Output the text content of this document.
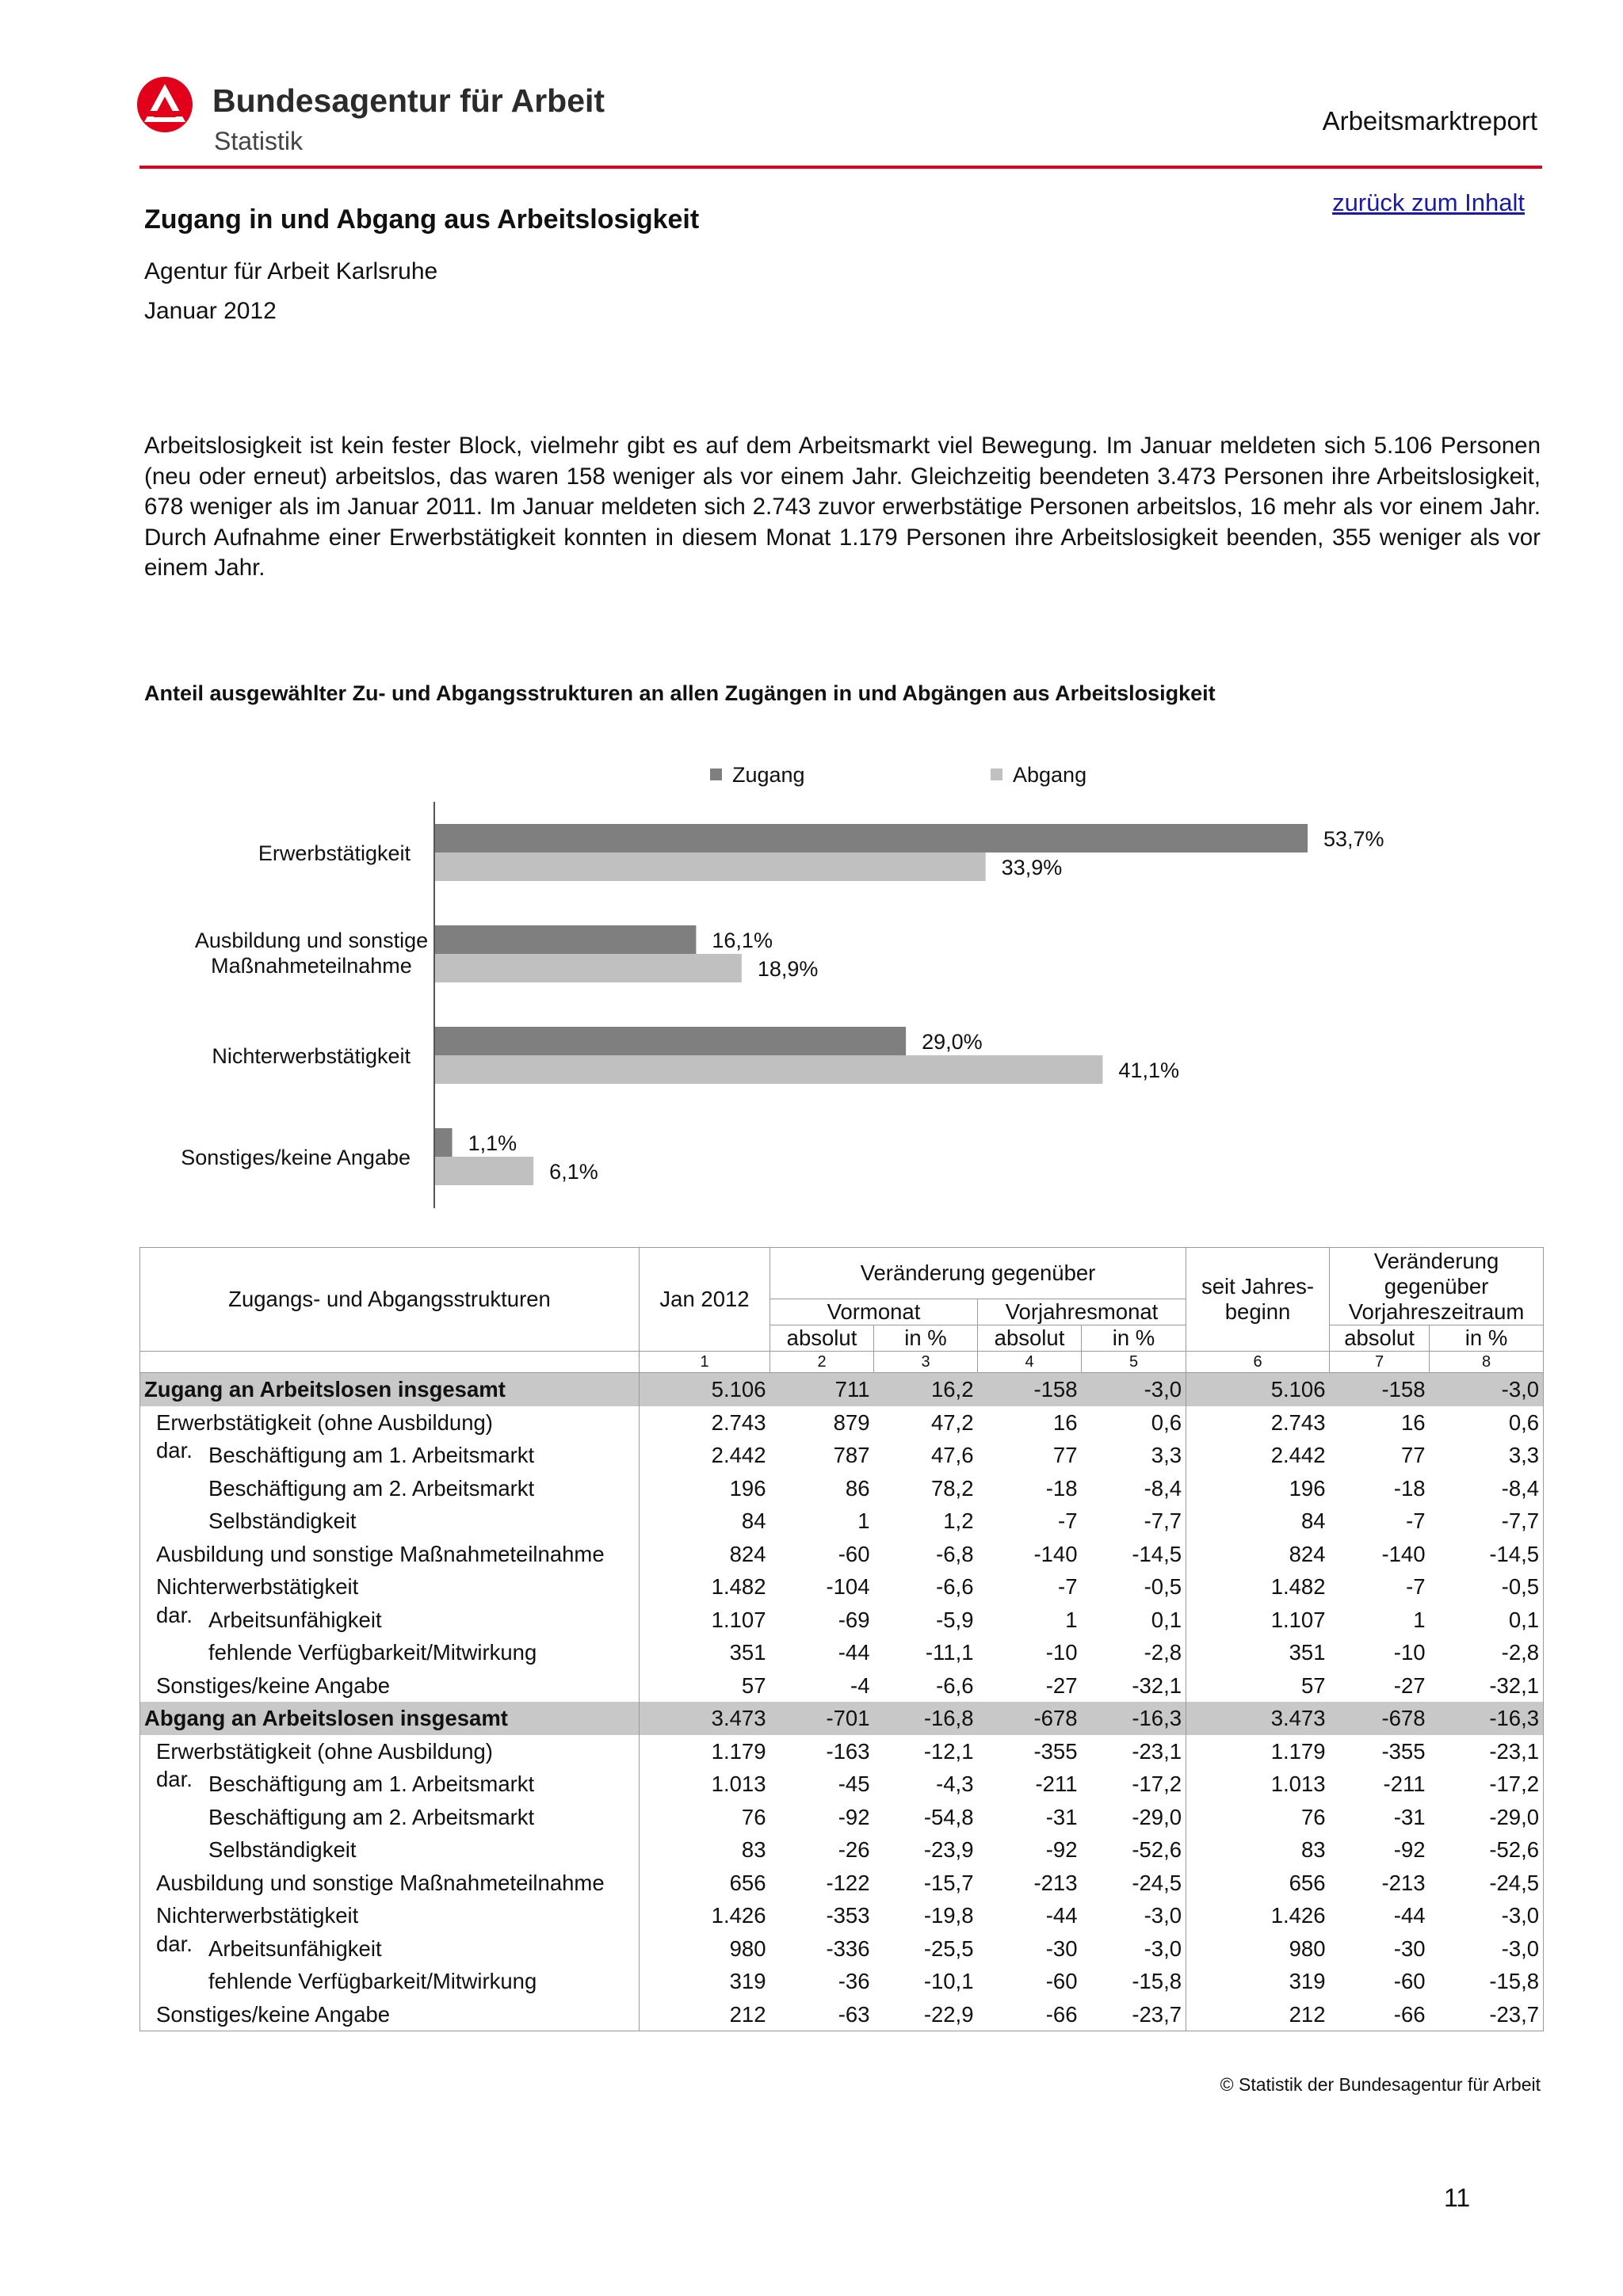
Bundesagentur für Arbeit
Statistik
Arbeitsmarktreport
zurück zum Inhalt
Zugang in und Abgang aus Arbeitslosigkeit
Agentur für Arbeit Karlsruhe
Januar 2012
Arbeitslosigkeit ist kein fester Block, vielmehr gibt es auf dem Arbeitsmarkt viel Bewegung. Im Januar meldeten sich 5.106 Personen (neu oder erneut) arbeitslos, das waren 158 weniger als vor einem Jahr. Gleichzeitig beendeten 3.473 Personen ihre Arbeitslosigkeit, 678 weniger als im Januar 2011. Im Januar meldeten sich 2.743 zuvor erwerbstätige Personen arbeitslos, 16 mehr als vor einem Jahr. Durch Aufnahme einer Erwerbstätigkeit konnten in diesem Monat 1.179 Personen ihre Arbeitslosigkeit beenden, 355 weniger als vor einem Jahr.
Anteil ausgewählter Zu- und Abgangsstrukturen an allen Zugängen in und Abgängen aus Arbeitslosigkeit
Zugang	Abgang
53,7%
33,9%
Erwerbstätigkeit
16,1%
18,9%
Ausbildung und sonstige
Maßnahmeteilnahme
29,0%
41,1%
Nichterwerbstätigkeit
1,1%
6,1%
Sonstiges/keine Angabe
Zugangs- und Abgangsstrukturen	Jan 2012	Veränderung gegenüber				seit Jahres-beginn	Veränderung gegenüber Vorjahreszeitraum	
		Vormonat		Vorjahresmonat				
		absolut	in %	absolut	in %		absolut	in %
	1	2	3	4	5	6	7	8
Zugang an Arbeitslosen insgesamt	5.106	711	16,2	-158	-3,0	5.106	-158	-3,0
Erwerbstätigkeit (ohne Ausbildung)	2.743	879	47,2	16	0,6	2.743	16	0,6

dar. Beschäftigung am 1. Arbeitsmarkt	2.442	787	47,6	77	3,3	2.442	77	3,3
Beschäftigung am 2. Arbeitsmarkt	196	86	78,2	-18	-8,4	196	-18	-8,4
Selbständigkeit	84	1	1,2	-7	-7,7	84	-7	-7,7
Ausbildung und sonstige Maßnahmeteilnahme	824	-60	-6,8	-140	-14,5	824	-140	-14,5
Nichterwerbstätigkeit	1.482	-104	-6,6	-7	-0,5	1.482	-7	-0,5

dar. Arbeitsunfähigkeit	1.107	-69	-5,9	1	0,1	1.107	1	0,1
fehlende Verfügbarkeit/Mitwirkung	351	-44	-11,1	-10	-2,8	351	-10	-2,8
Sonstiges/keine Angabe	57	-4	-6,6	-27	-32,1	57	-27	-32,1
Abgang an Arbeitslosen insgesamt	3.473	-701	-16,8	-678	-16,3	3.473	-678	-16,3
Erwerbstätigkeit (ohne Ausbildung)	1.179	-163	-12,1	-355	-23,1	1.179	-355	-23,1

dar. Beschäftigung am 1. Arbeitsmarkt	1.013	-45	-4,3	-211	-17,2	1.013	-211	-17,2
Beschäftigung am 2. Arbeitsmarkt	76	-92	-54,8	-31	-29,0	76	-31	-29,0
Selbständigkeit	83	-26	-23,9	-92	-52,6	83	-92	-52,6
Ausbildung und sonstige Maßnahmeteilnahme	656	-122	-15,7	-213	-24,5	656	-213	-24,5
Nichterwerbstätigkeit	1.426	-353	-19,8	-44	-3,0	1.426	-44	-3,0

dar. Arbeitsunfähigkeit	980	-336	-25,5	-30	-3,0	980	-30	-3,0
fehlende Verfügbarkeit/Mitwirkung	319	-36	-10,1	-60	-15,8	319	-60	-15,8
Sonstiges/keine Angabe	212	-63	-22,9	-66	-23,7	212	-66	-23,7
© Statistik der Bundesagentur für Arbeit
11
